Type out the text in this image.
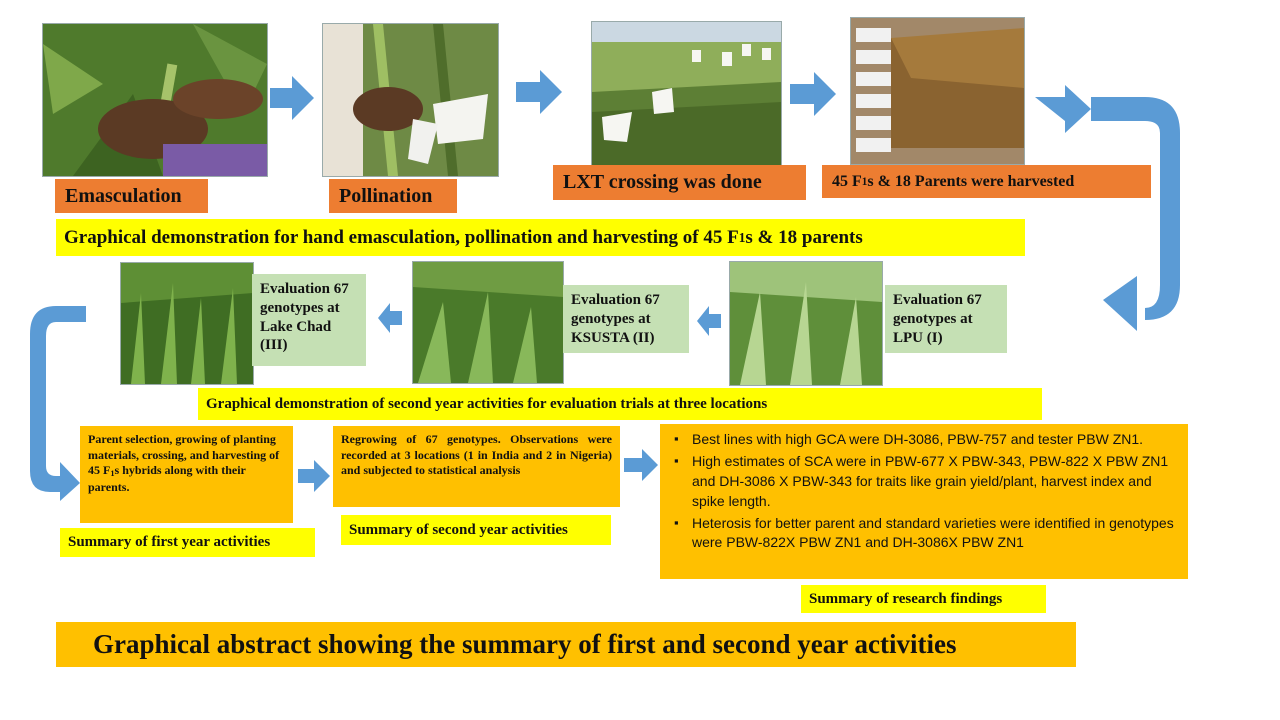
Emasculation	Pollination
LXT crossing was done	45 F 1 s & 18 Parents were harvested
Graphical demonstration for hand emasculation, pollination and harvesting of 45 F 1 s & 18 parents
Evaluation 67 genotypes at Lake Chad (III)
Evaluation 67 genotypes at KSUSTA (II)
Evaluation 67 genotypes at LPU (I)
Graphical demonstration of second year activities for evaluation trials at three locations
Parent selection, growing of planting materials, crossing, and harvesting of 45 $F_1s$ hybrids along with their parents.
Summary of first year activities
Regrowing of 67 genotypes. Observations were recorded at 3 locations (1 in India and 2 in Nigeria) and subjected to statistical analysis
Summary of second year activities
▪ Best lines with high GCA were DH-3086, PBW-757 and tester PBW ZN1.
▪ High estimates of SCA were in PBW-677 X PBW-343, PBW-822 X PBW ZN1 and DH-3086 X PBW-343 for traits like grain yield/plant, harvest index and spike length.
▪ Heterosis for better parent and standard varieties were identified in genotypes were PBW-822X PBW ZN1 and DH-3086X PBW ZN1
Summary of research findings
Graphical abstract showing the summary of first and second year activities
